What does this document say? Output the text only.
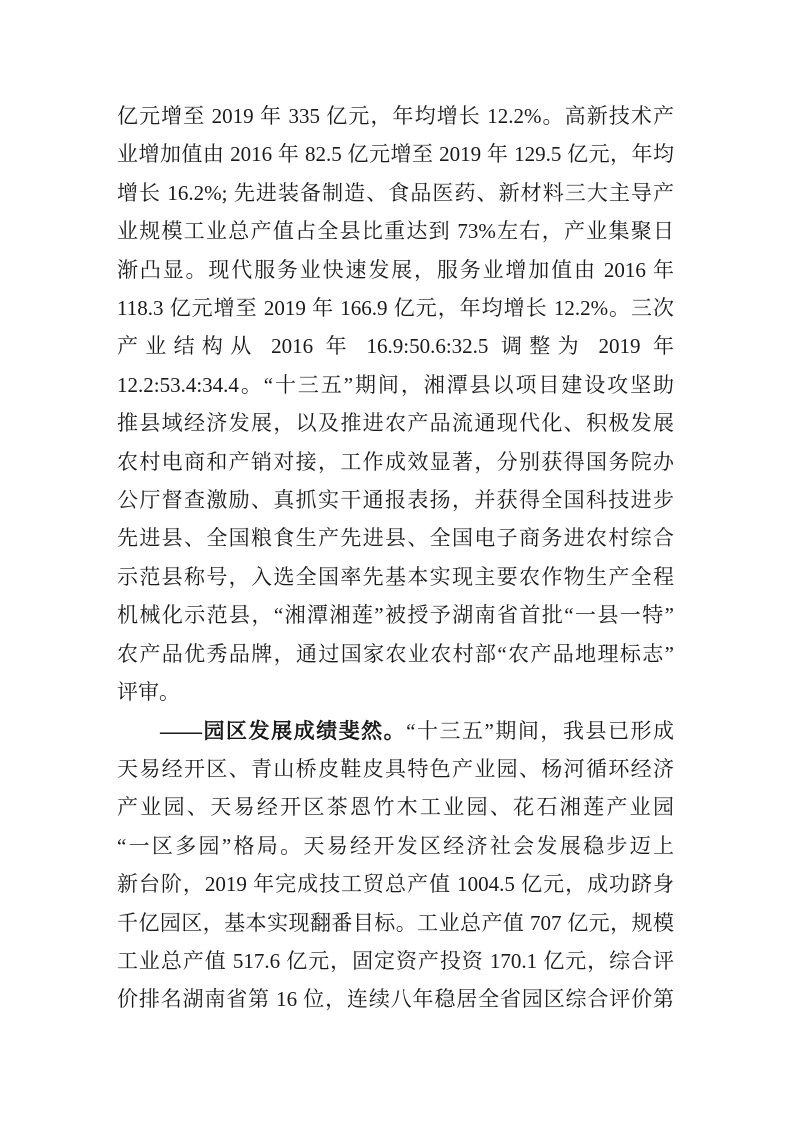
亿元增至 2019 年 335 亿元，年均增长 12.2%。高新技术产
业增加值由 2016 年 82.5 亿元增至 2019 年 129.5 亿元，年均
增长 16.2%; 先进装备制造、食品医药、新材料三大主导产
业规模工业总产值占全县比重达到 73%左右，产业集聚日
渐凸显。现代服务业快速发展，服务业增加值由 2016 年
118.3 亿元增至 2019 年 166.9 亿元，年均增长 12.2%。三次
产业结构从 2016 年 16.9:50.6:32.5 调整为 2019 年
12.2:53.4:34.4。“十三五”期间，湘潭县以项目建设攻坚助
推县域经济发展，以及推进农产品流通现代化、积极发展
农村电商和产销对接，工作成效显著，分别获得国务院办
公厅督查激励、真抓实干通报表扬，并获得全国科技进步
先进县、全国粮食生产先进县、全国电子商务进农村综合
示范县称号，入选全国率先基本实现主要农作物生产全程
机械化示范县，“湘潭湘莲”被授予湖南省首批“一县一特”
农产品优秀品牌，通过国家农业农村部“农产品地理标志”
评审。
——园区发展成绩斐然。“十三五”期间，我县已形成
天易经开区、青山桥皮鞋皮具特色产业园、杨河循环经济
产业园、天易经开区茶恩竹木工业园、花石湘莲产业园
“一区多园”格局。天易经开发区经济社会发展稳步迈上
新台阶，2019 年完成技工贸总产值 1004.5 亿元，成功跻身
千亿园区，基本实现翻番目标。工业总产值 707 亿元，规模
工业总产值 517.6 亿元，固定资产投资 170.1 亿元，综合评
价排名湖南省第 16 位，连续八年稳居全省园区综合评价第
